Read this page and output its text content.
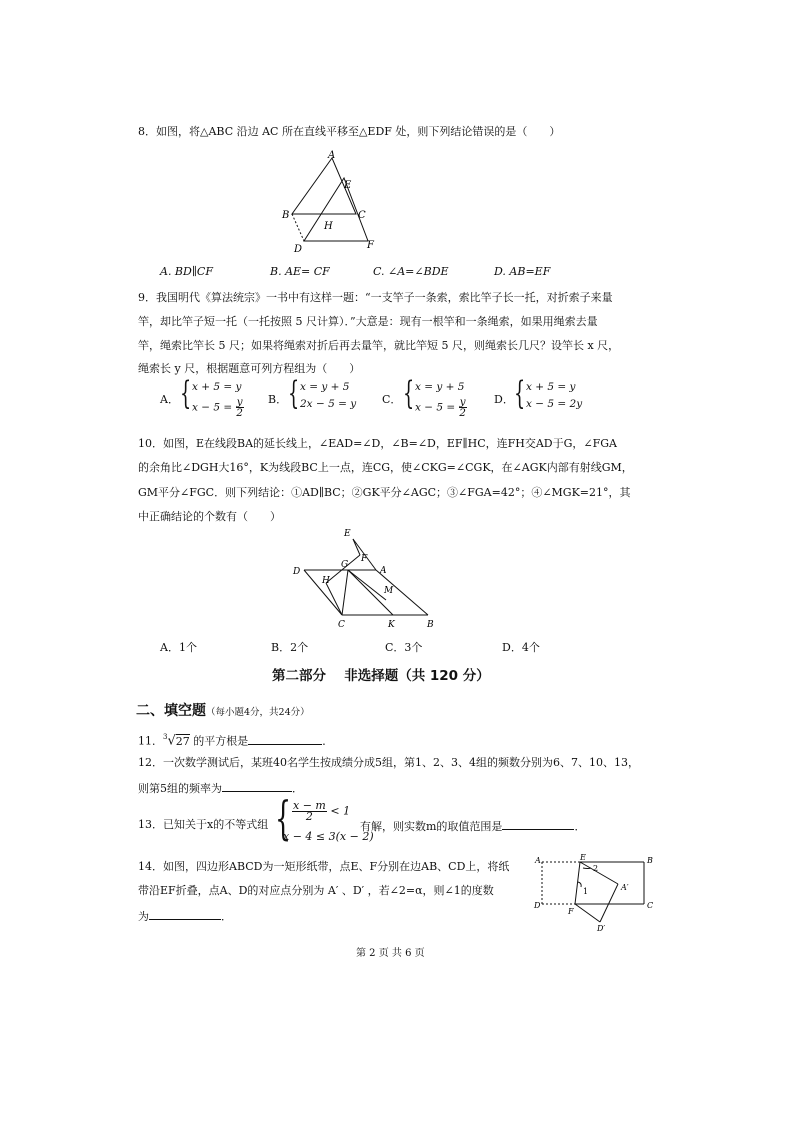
8．如图，将△ABC 沿边 AC 所在直线平移至△EDF 处，则下列结论错误的是（　　）
A
E
B	C
H
D	F
A. BD∥CF	B. AE= CF	C. ∠A=∠BDE	D. AB=EF
9．我国明代《算法统宗》一书中有这样一题：“一支竿子一条索，索比竿子长一托，对折索子来量
竿，却比竿子短一托（一托按照 5 尺计算）．”大意是：现有一根竿和一条绳索，如果用绳索去量
竿，绳索比竿长 5 尺；如果将绳索对折后再去量竿，就比竿短 5 尺，则绳索长几尺？设竿长 x 尺，
绳索长 y 尺，根据题意可列方程组为（　　）
A． { x + 5 = y
$x - 5 = \frac{y}{2}$ B． { x = y + 5
2x − 5 = y C． { x = y + 5
$x - 5 = \frac{y}{2}$	D． { x + 5 = y
x − 5 = 2y
10．如图，E在线段BA的延长线上，∠EAD=∠D，∠B=∠D，EF∥HC，连FH交AD于G，∠FGA
的余角比∠DGH大16°，K为线段BC上一点，连CG，使∠CKG=∠CGK，在∠AGK内部有射线GM，
GM平分∠FGC．则下列结论：①AD∥BC；②GK平分∠AGC；③∠FGA=42°；④∠MGK=21°，其
中正确结论的个数有（　　）
E
F
D
G
A
H
M
C	K	B
A．1个	B．2个	C．3个	D．4个
第二部分　 非选择题（共 120 分）
二、填空题（每小题4分，共24分）
11．$^3$√27 的平方根是	．
12．一次数学测试后，某班40名学生按成绩分成5组，第1、2、3、4组的频数分别为6、7、10、13，
则第5组的频率为	．
13．已知关于x的不等式组 { $\frac{x - m}{2} < 1$
x − 4 ≤ 3(x − 2)
有解，则实数m的取值范围是	．
14．如图，四边形ABCD为一矩形纸带，点E、F分别在边AB、CD上，将纸
带沿EF折叠，点A、D的对应点分别为 A′ 、D′ ，若∠2=α，则∠1的度数
为	．
A	E	B
2
1	A′
D
F
C
D′
第 2 页 共 6 页
